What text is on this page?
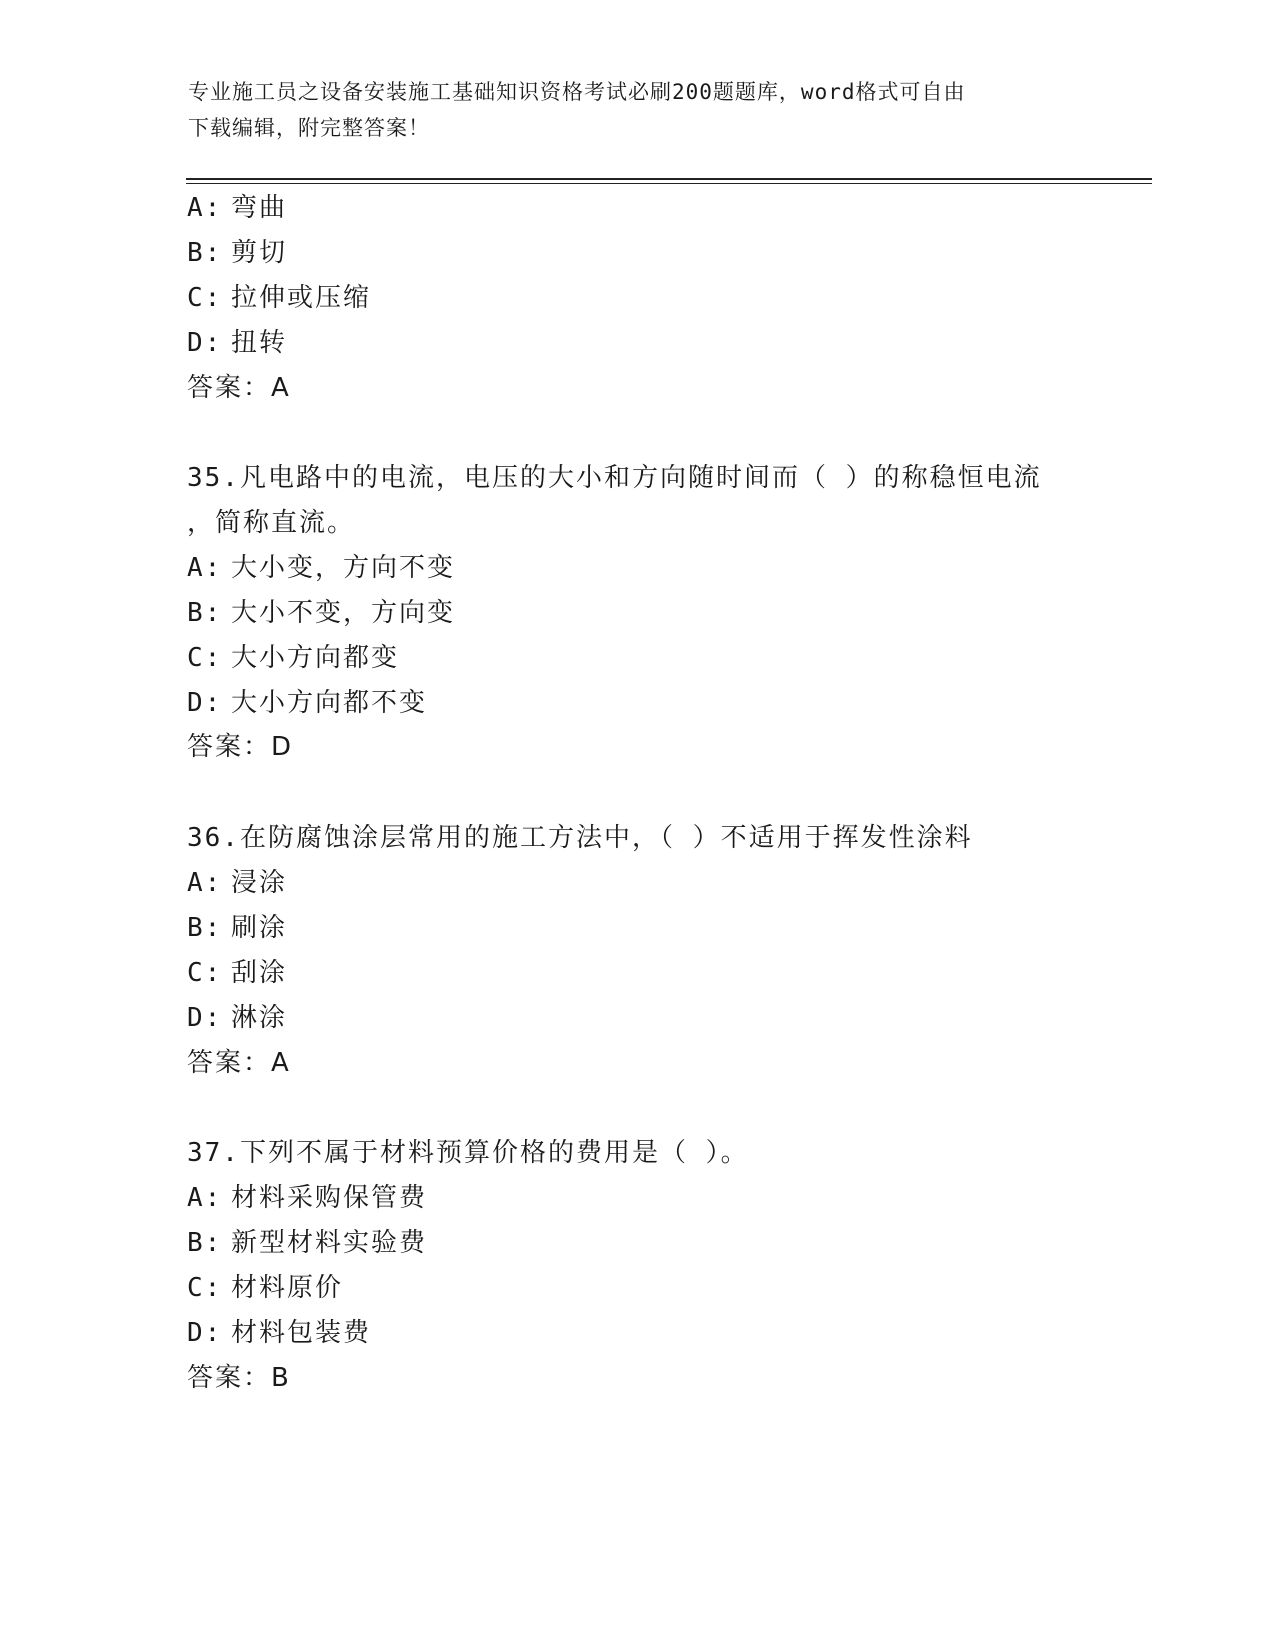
专业施工员之设备安装施工基础知识资格考试必刷200题题库，word格式可自由
下载编辑，附完整答案！
A: 弯曲
B: 剪切
C: 拉伸或压缩
D: 扭转
答案：A
35.凡电路中的电流，电压的大小和方向随时间而（ ）的称稳恒电流
，简称直流。
A: 大小变，方向不变
B: 大小不变，方向变
C: 大小方向都变
D: 大小方向都不变
答案：D
36.在防腐蚀涂层常用的施工方法中，（ ）不适用于挥发性涂料
A: 浸涂
B: 刷涂
C: 刮涂
D: 淋涂
答案：A
37.下列不属于材料预算价格的费用是（ ）。
A: 材料采购保管费
B: 新型材料实验费
C: 材料原价
D: 材料包装费
答案：B
